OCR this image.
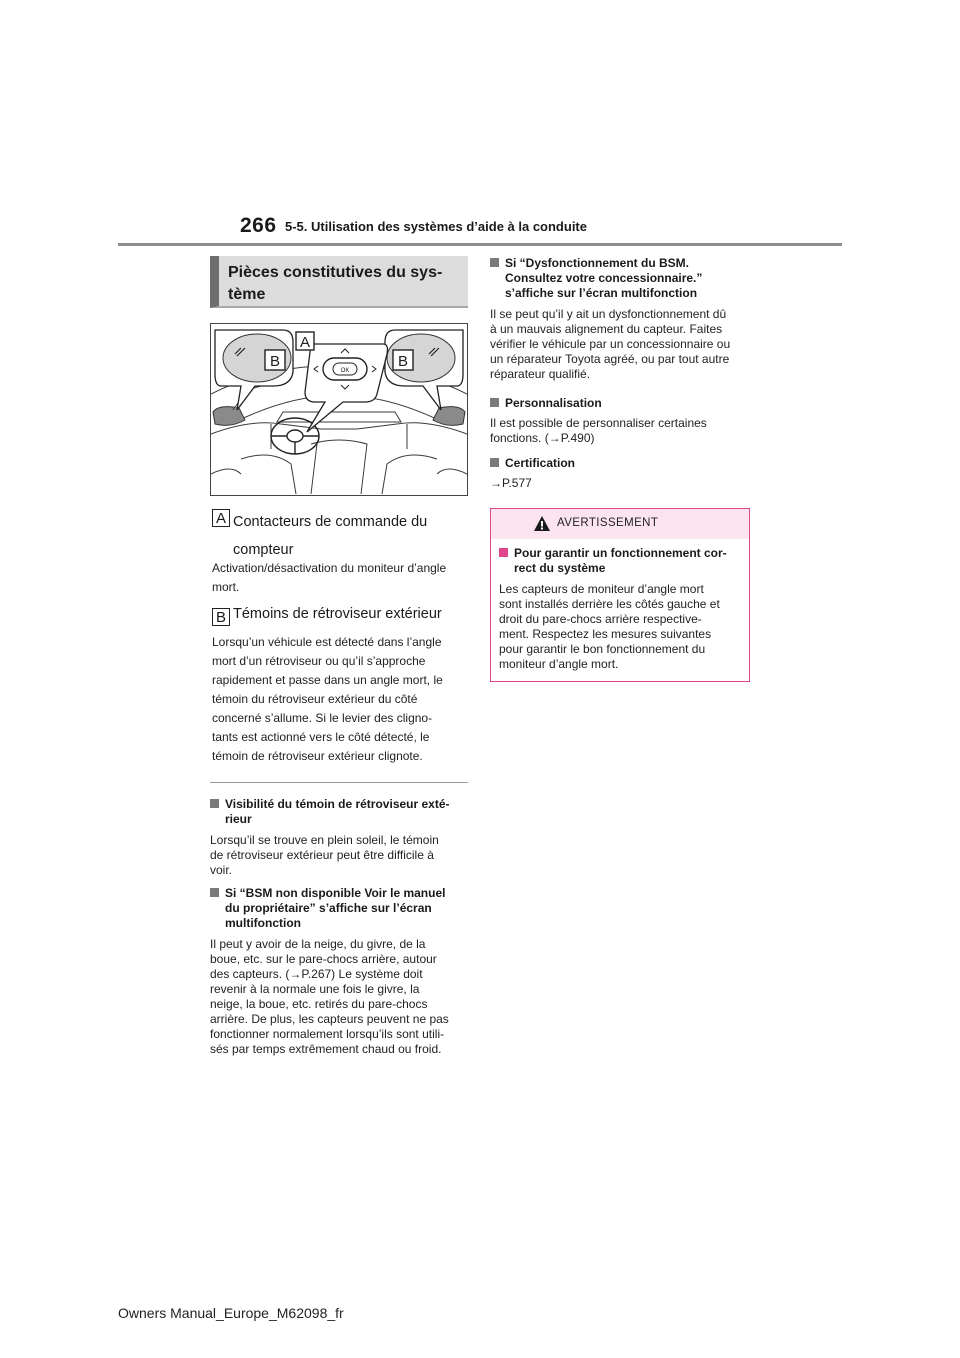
266 5-5. Utilisation des systèmes d’aide à la conduite
Pièces constitutives du sys-
tème
OK
A
B	B
A Contacteurs de commande du
compteur
Activation/désactivation du moniteur d’angle
mort.
B Témoins de rétroviseur extérieur
Lorsqu’un véhicule est détecté dans l’angle
mort d’un rétroviseur ou qu’il s’approche
rapidement et passe dans un angle mort, le
témoin du rétroviseur extérieur du côté
concerné s’allume. Si le levier des cligno-
tants est actionné vers le côté détecté, le
témoin de rétroviseur extérieur clignote.
Visibilité du témoin de rétroviseur exté-
rieur
Lorsqu’il se trouve en plein soleil, le témoin
de rétroviseur extérieur peut être difficile à
voir.
Si “BSM non disponible Voir le manuel
du propriétaire” s’affiche sur l’écran
multifonction
Il peut y avoir de la neige, du givre, de la
boue, etc. sur le pare-chocs arrière, autour
des capteurs. (→P.267) Le système doit
revenir à la normale une fois le givre, la
neige, la boue, etc. retirés du pare-chocs
arrière. De plus, les capteurs peuvent ne pas
fonctionner normalement lorsqu’ils sont utili-
sés par temps extrêmement chaud ou froid.
Si “Dysfonctionnement du BSM.
Consultez votre concessionnaire.”
s’affiche sur l’écran multifonction
Il se peut qu’il y ait un dysfonctionnement dû
à un mauvais alignement du capteur. Faites
vérifier le véhicule par un concessionnaire ou
un réparateur Toyota agréé, ou par tout autre
réparateur qualifié.
Personnalisation
Il est possible de personnaliser certaines
fonctions. (→P.490)
Certification
→P.577
AVERTISSEMENT
Pour garantir un fonctionnement cor-
rect du système
Les capteurs de moniteur d’angle mort
sont installés derrière les côtés gauche et
droit du pare-chocs arrière respective-
ment. Respectez les mesures suivantes
pour garantir le bon fonctionnement du
moniteur d’angle mort.
Owners Manual_Europe_M62098_fr
